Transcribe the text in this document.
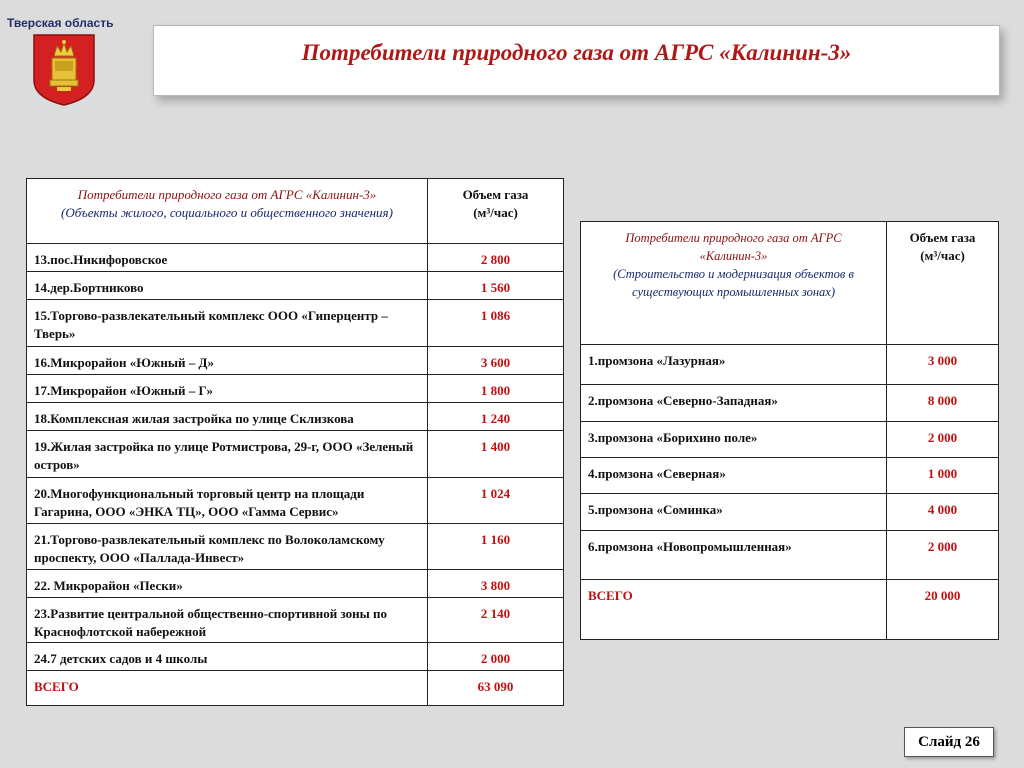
Тверская область
Потребители природного газа от АГРС «Калинин-3»
Потребители природного газа от АГРС «Калинин-3»
(Объекты жилого, социального и общественного значения)	Объем газа
(м³/час)
13.пос.Никифоровское	2 800
14.дер.Бортниково	1 560
15.Торгово-развлекательный комплекс ООО «Гиперцентр – Тверь»	1 086
16.Микрорайон «Южный – Д»	3 600
17.Микрорайон «Южный – Г»	1 800
18.Комплексная жилая застройка по улице Склизкова	1 240
19.Жилая застройка по улице Ротмистрова, 29-г, ООО «Зеленый остров»	1 400
20.Многофункциональный торговый центр на площади Гагарина, ООО «ЭНКА ТЦ», ООО «Гамма Сервис»	1 024
21.Торгово-развлекательный комплекс по Волоколамскому проспекту, ООО «Паллада-Инвест»	1 160
22. Микрорайон «Пески»	3 800
23.Развитие центральной общественно-спортивной зоны по Краснофлотской набережной	2 140
24.7 детских садов и 4 школы	2 000
ВСЕГО	63 090
Потребители природного газа от АГРС «Калинин-3»
(Строительство и модернизация объектов в существующих промышленных зонах)	Объем газа
(м³/час)
1.промзона «Лазурная»	3 000
2.промзона «Северно-Западная»	8 000
3.промзона «Борихино поле»	2 000
4.промзона «Северная»	1 000
5.промзона «Соминка»	4 000
6.промзона «Новопромышленная»	2 000
ВСЕГО	20 000
Слайд 26
